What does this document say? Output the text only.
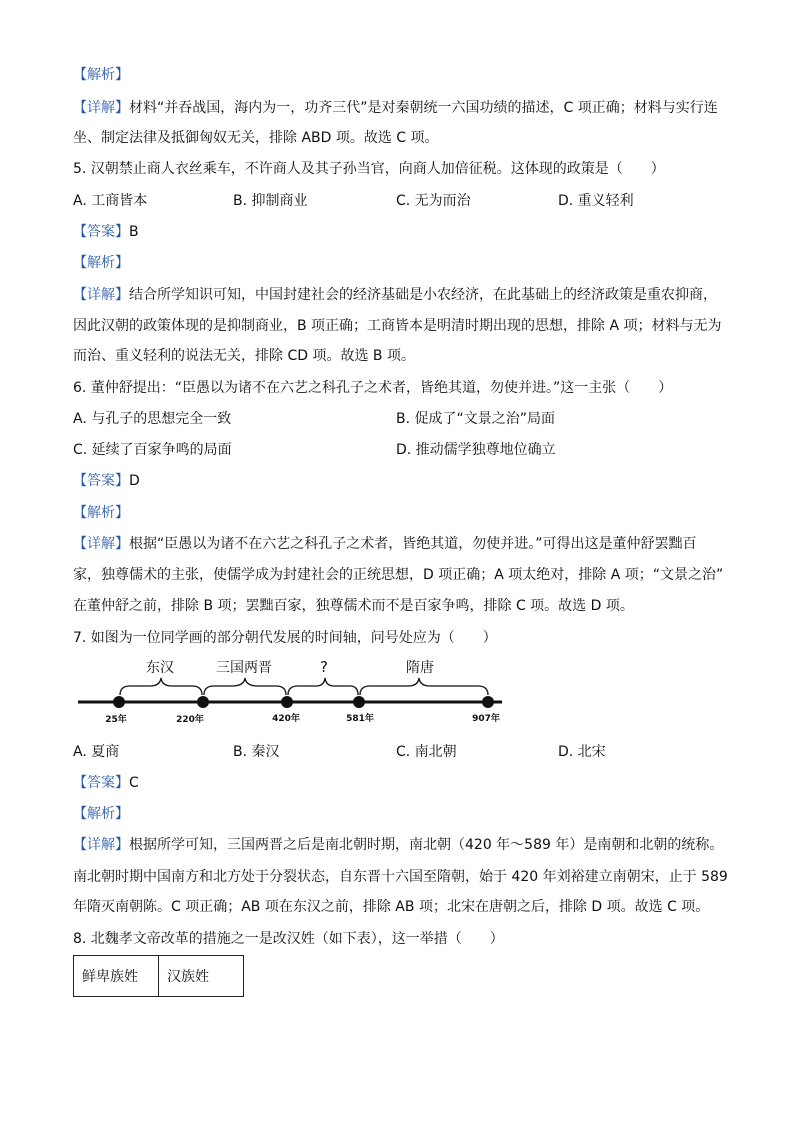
【解析】
【详解】材料“并吞战国，海内为一，功齐三代”是对秦朝统一六国功绩的描述，C 项正确；材料与实行连
坐、制定法律及抵御匈奴无关，排除 ABD 项。故选 C 项。
5. 汉朝禁止商人衣丝乘车，不许商人及其子孙当官，向商人加倍征税。这体现的政策是（　　）
A. 工商皆本	B. 抑制商业	C. 无为而治	D. 重义轻利
【答案】B
【解析】
【详解】结合所学知识可知，中国封建社会的经济基础是小农经济，在此基础上的经济政策是重农抑商，
因此汉朝的政策体现的是抑制商业，B 项正确；工商皆本是明清时期出现的思想，排除 A 项；材料与无为
而治、重义轻利的说法无关，排除 CD 项。故选 B 项。
6. 董仲舒提出：“臣愚以为诸不在六艺之科孔子之术者，皆绝其道，勿使并进。”这一主张（　　）
A. 与孔子的思想完全一致	B. 促成了“文景之治”局面
C. 延续了百家争鸣的局面	D. 推动儒学独尊地位确立
【答案】D
【解析】
【详解】根据“臣愚以为诸不在六艺之科孔子之术者，皆绝其道，勿使并进。”可得出这是董仲舒罢黜百
家，独尊儒术的主张，使儒学成为封建社会的正统思想，D 项正确；A 项太绝对，排除 A 项；“文景之治”
在董仲舒之前，排除 B 项；罢黜百家，独尊儒术而不是百家争鸣，排除 C 项。故选 D 项。
7. 如图为一位同学画的部分朝代发展的时间轴，问号处应为（　　）
东汉	三国两晋	?	隋唐
25年	220年	420年	581年	907年
A. 夏商	B. 秦汉	C. 南北朝	D. 北宋
【答案】C
【解析】
【详解】根据所学可知，三国两晋之后是南北朝时期，南北朝（420 年～589 年）是南朝和北朝的统称。
南北朝时期中国南方和北方处于分裂状态，自东晋十六国至隋朝，始于 420 年刘裕建立南朝宋，止于 589
年隋灭南朝陈。C 项正确；AB 项在东汉之前，排除 AB 项；北宋在唐朝之后，排除 D 项。故选 C 项。
8. 北魏孝文帝改革的措施之一是改汉姓（如下表），这一举措（　　）
鲜卑族姓	汉族姓
